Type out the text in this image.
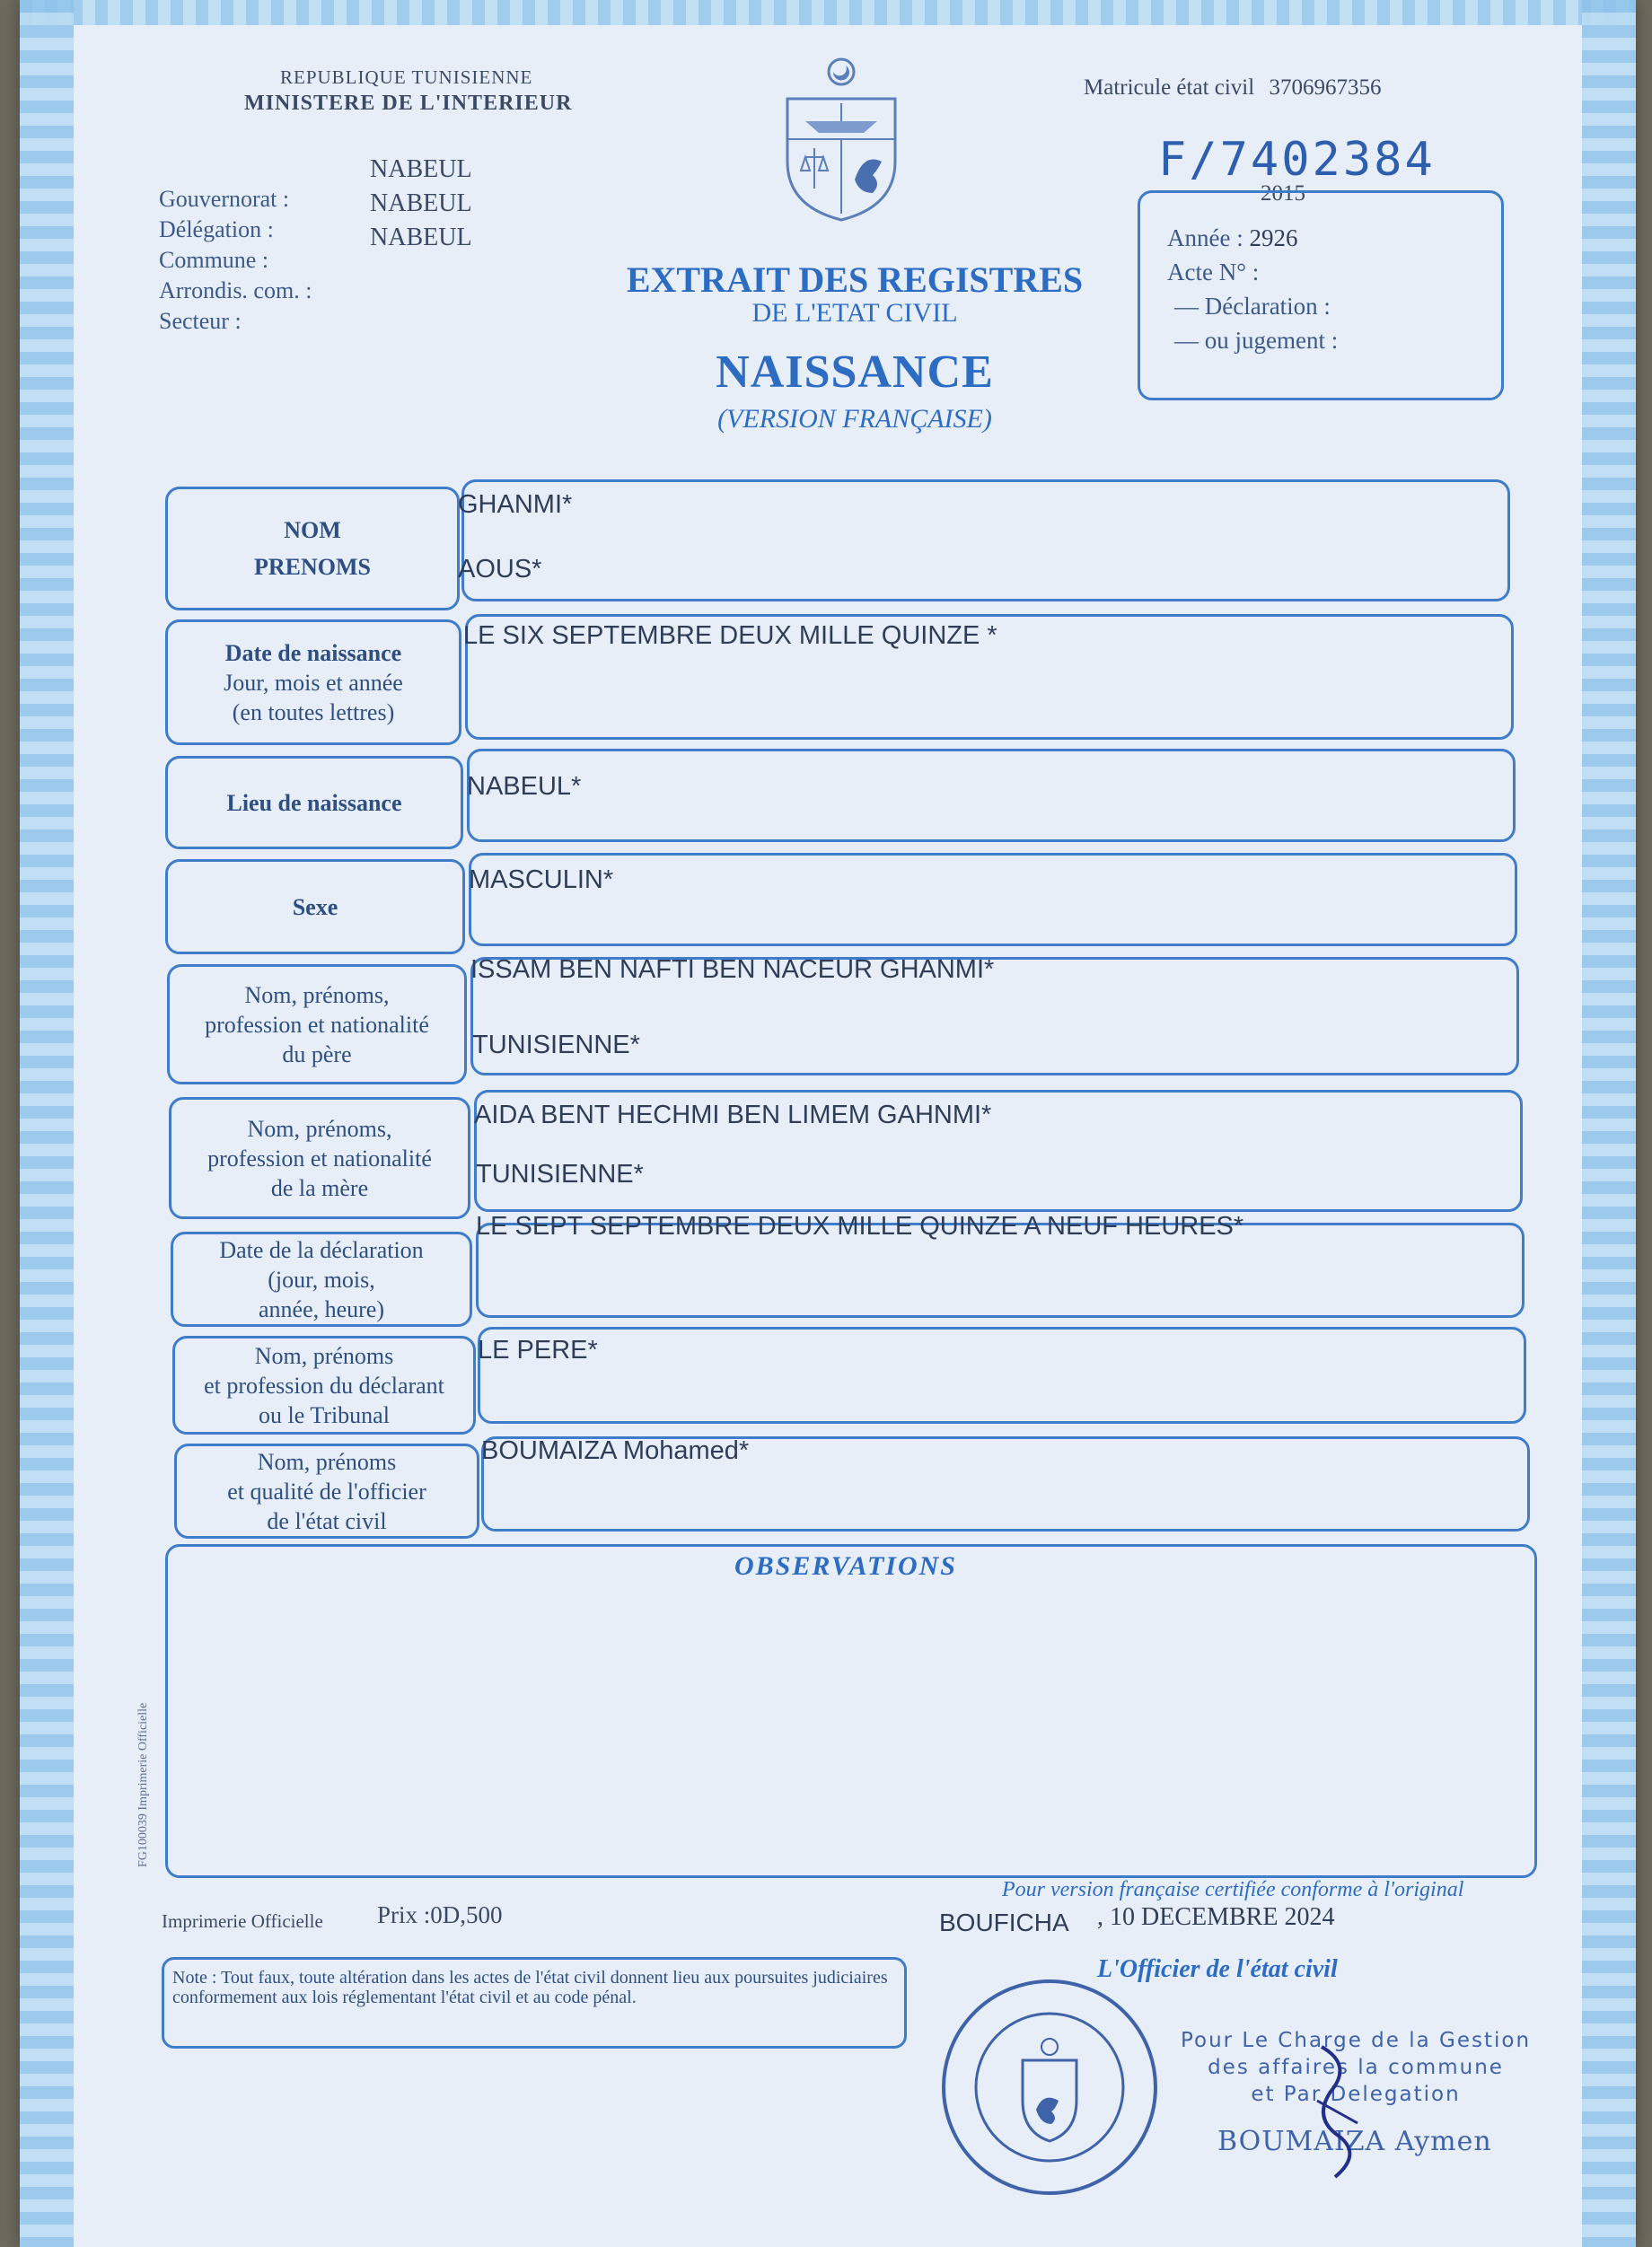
REPUBLIQUE TUNISIENNE
MINISTERE DE L'INTERIEUR
Gouvernorat :
Délégation :
Commune :
Arrondis. com. :
Secteur :
NABEUL
NABEUL
NABEUL
EXTRAIT DES REGISTRES
DE L'ETAT CIVIL
NAISSANCE
(VERSION FRANÇAISE)
Matricule état civil 3706967356
F/7402384
2015
Année : 2926
Acte N° :
— Déclaration :
— ou jugement :
NOM
PRENOMS
GHANMI*
AOUS*
Date de naissance
Jour, mois et année
(en toutes lettres)
LE SIX SEPTEMBRE DEUX MILLE QUINZE *
Lieu de naissance
NABEUL*
Sexe
MASCULIN*
Nom, prénoms,
profession et nationalité
du père
ISSAM BEN NAFTI BEN NACEUR GHANMI*
TUNISIENNE*
Nom, prénoms,
profession et nationalité
de la mère
AIDA BENT HECHMI BEN LIMEM GAHNMI*
TUNISIENNE*
Date de la déclaration
(jour, mois,
année, heure)
LE SEPT SEPTEMBRE DEUX MILLE QUINZE A NEUF HEURES*
Nom, prénoms
et profession du déclarant
ou le Tribunal
LE PERE*
Nom, prénoms
et qualité de l'officier
de l'état civil
BOUMAIZA Mohamed*
OBSERVATIONS
FG100039 Imprimerie Officielle
Pour version française certifiée conforme à l'original
Imprimerie Officielle Prix :0D,500	BOUFICHA , 10 DECEMBRE 2024
L'Officier de l'état civil
Note : Tout faux, toute altération dans les actes de l'état civil donnent lieu aux poursuites judiciaires conformement aux lois réglementant l'état civil et au code pénal.
Pour Le Charge de la Gestion
des affaires la commune
et Par Delegation
BOUMAIZA Aymen
